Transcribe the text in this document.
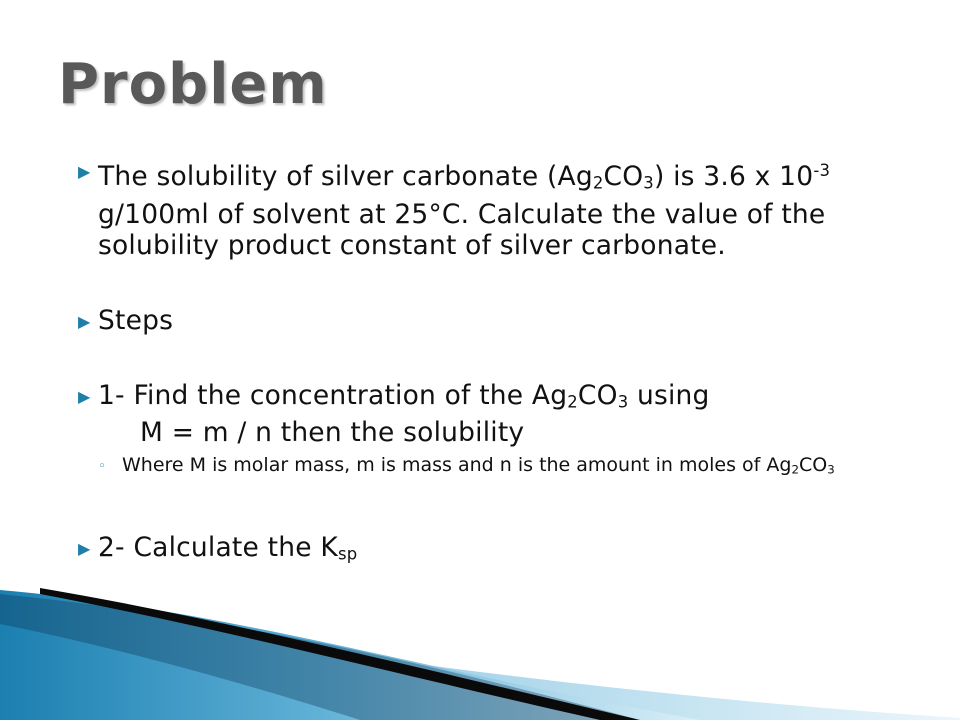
Problem
▶ The solubility of silver carbonate $(Ag_2CO_3)$ is 3.6 x $10^{-3}$ g/100ml of solvent at 25°C. Calculate the value of the solubility product constant of silver carbonate.
▶ Steps
▶ 1- Find the concentration of the $Ag_2CO_3$ using
M = m / n then the solubility
◦ Where M is molar mass, m is mass and n is the amount in moles of $Ag_2CO_3$
▶ 2- Calculate the $K_{sp}$
